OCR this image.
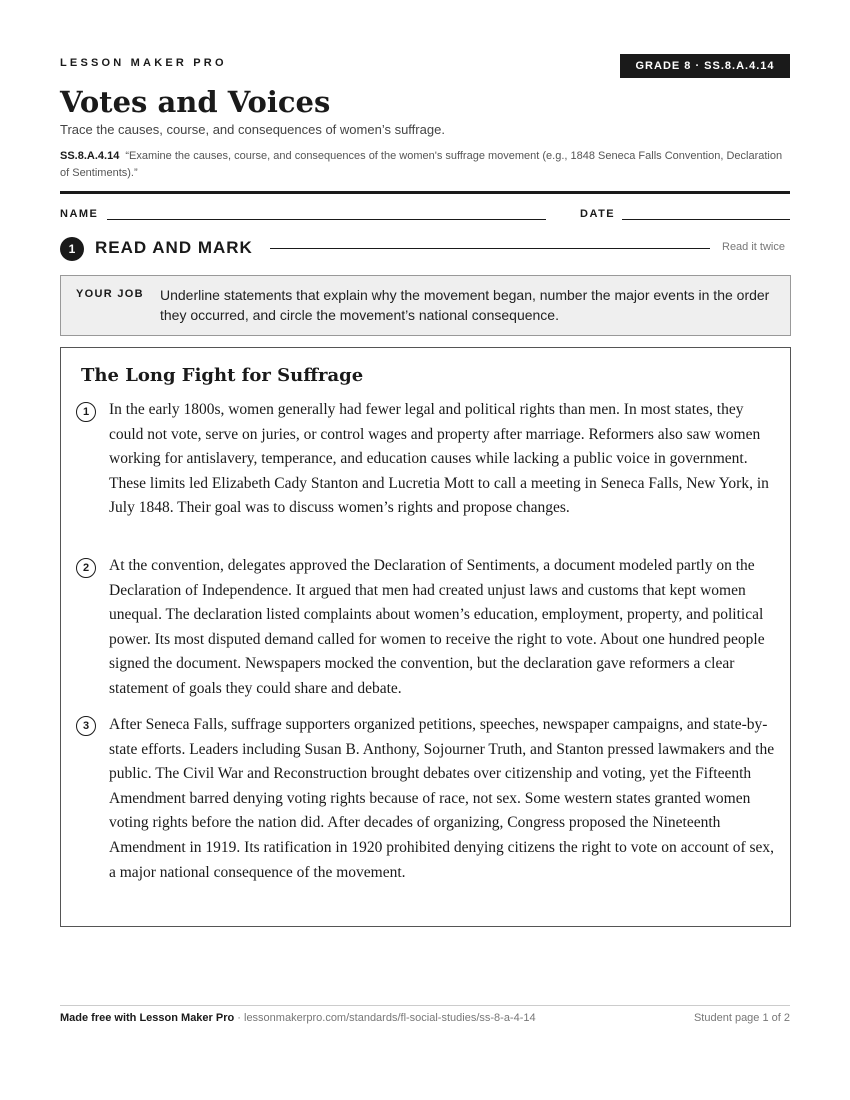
LESSON MAKER PRO	GRADE 8 · SS.8.A.4.14
Votes and Voices
Trace the causes, course, and consequences of women’s suffrage.
SS.8.A.4.14 “Examine the causes, course, and consequences of the women's suffrage movement (e.g., 1848 Seneca Falls Convention, Declaration of Sentiments).”
NAME	DATE
1	READ AND MARK	Read it twice
YOUR JOB Underline statements that explain why the movement began, number the major events in the order they occurred, and circle the movement’s national consequence.
The Long Fight for Suffrage
1	In the early 1800s, women generally had fewer legal and political rights than men. In most states, they could not vote, serve on juries, or control wages and property after marriage. Reformers also saw women working for antislavery, temperance, and education causes while lacking a public voice in government. These limits led Elizabeth Cady Stanton and Lucretia Mott to call a meeting in Seneca Falls, New York, in July 1848. Their goal was to discuss women’s rights and propose changes.

2	At the convention, delegates approved the Declaration of Sentiments, a document modeled partly on the Declaration of Independence. It argued that men had created unjust laws and customs that kept women unequal. The declaration listed complaints about women’s education, employment, property, and political power. Its most disputed demand called for women to receive the right to vote. About one hundred people signed the document. Newspapers mocked the convention, but the declaration gave reformers a clear statement of goals they could share and debate.

3	After Seneca Falls, suffrage supporters organized petitions, speeches, newspaper campaigns, and state-by-state efforts. Leaders including Susan B. Anthony, Sojourner Truth, and Stanton pressed lawmakers and the public. The Civil War and Reconstruction brought debates over citizenship and voting, yet the Fifteenth Amendment barred denying voting rights because of race, not sex. Some western states granted women voting rights before the nation did. After decades of organizing, Congress proposed the Nineteenth Amendment in 1919. Its ratification in 1920 prohibited denying citizens the right to vote on account of sex, a major national consequence of the movement.

Made free with Lesson Maker Pro · lessonmakerpro.com/standards/fl-social-studies/ss-8-a-4-14	Student page 1 of 2
